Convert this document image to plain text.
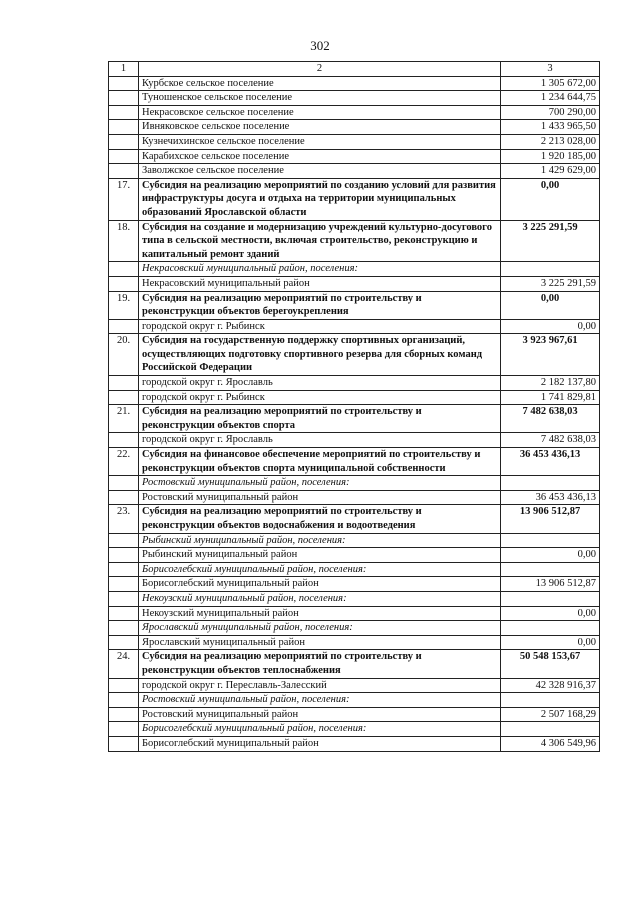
302
1	2	3
	Курбское сельское поселение	1 305 672,00
	Туношенское сельское поселение	1 234 644,75
	Некрасовское сельское поселение	700 290,00
	Ивняковское сельское поселение	1 433 965,50
	Кузнечихинское сельское поселение	2 213 028,00
	Карабихское сельское поселение	1 920 185,00
	Заволжское сельское поселение	1 429 629,00
17.	Субсидия на реализацию мероприятий по созданию условий для развития инфраструктуры досуга и отдыха на территории муниципальных образований Ярославской области	0,00
18.	Субсидия на создание и модернизацию учреждений культурно-досугового типа в сельской местности, включая строительство, реконструкцию и капитальный ремонт зданий	3 225 291,59
	Некрасовский муниципальный район, поселения:	
	Некрасовский муниципальный район	3 225 291,59
19.	Субсидия на реализацию мероприятий по строительству и реконструкции объектов берегоукрепления	0,00
	городской округ г. Рыбинск	0,00
20.	Субсидия на государственную поддержку спортивных организаций, осуществляющих подготовку спортивного резерва для сборных команд Российской Федерации	3 923 967,61
	городской округ г. Ярославль	2 182 137,80
	городской округ г. Рыбинск	1 741 829,81
21.	Субсидия на реализацию мероприятий по строительству и реконструкции объектов спорта	7 482 638,03
	городской округ г. Ярославль	7 482 638,03
22.	Субсидия на финансовое обеспечение мероприятий по строительству и реконструкции объектов спорта муниципальной собственности	36 453 436,13
	Ростовский муниципальный район, поселения:	
	Ростовский муниципальный район	36 453 436,13
23.	Субсидия на реализацию мероприятий по строительству и реконструкции объектов водоснабжения и водоотведения	13 906 512,87
	Рыбинский муниципальный район, поселения:	
	Рыбинский муниципальный район	0,00
	Борисоглебский муниципальный район, поселения:	
	Борисоглебский муниципальный район	13 906 512,87
	Некоузский муниципальный район, поселения:	
	Некоузский муниципальный район	0,00
	Ярославский муниципальный район, поселения:	
	Ярославский муниципальный район	0,00
24.	Субсидия на реализацию мероприятий по строительству и реконструкции объектов теплоснабжения	50 548 153,67
	городской округ г. Переславль-Залесский	42 328 916,37
	Ростовский муниципальный район, поселения:	
	Ростовский муниципальный район	2 507 168,29
	Борисоглебский муниципальный район, поселения:	
	Борисоглебский муниципальный район	4 306 549,96
